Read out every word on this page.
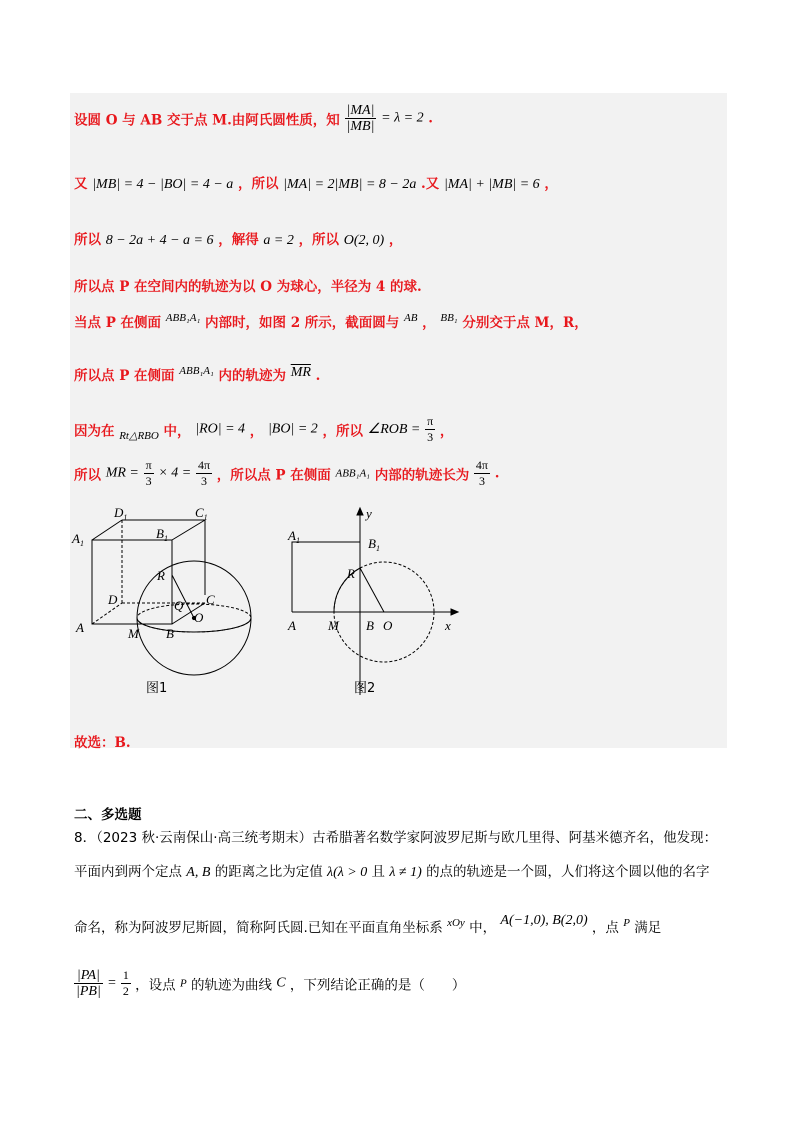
设圆 O 与 AB 交于点 M.由阿氏圆性质，知 $\frac{|MA|}{|MB|} = \lambda = 2$ .
又 |MB| = 4 − |BO| = 4 − a ，所以 |MA| = 2|MB| = 8 − 2a .又 |MA| + |MB| = 6 ，
所以 8 − 2a + 4 − a = 6 ，解得 a = 2 ，所以 O(2, 0) ，
所以点 P 在空间内的轨迹为以 O 为球心，半径为 4 的球.
当点 P 在侧面 $^{ABB_1A_1}$ 内部时，如图 2 所示，截面圆与 $^{AB}$ ， $^{BB_1}$ 分别交于点 M，R，
所以点 P 在侧面 $^{ABB_1A_1}$ 内的轨迹为 $\overline{MR}$ .
因为在 $_{Rt\triangle RBO}$ 中， |RO| = 4 ， |BO| = 2 ，所以 ∠ROB = $\frac{\pi}{3}$ ，
所以 MR = $\frac{\pi}{3} \times 4 = \frac{4\pi}{3}$ ，所以点 P 在侧面 ABB₁A₁ 内部的轨迹长为 $\frac{4\pi}{3}$ .
$D_1$	$C_1$
$A_1$
$B_1$
R
D	Q C
O
A	M B
图1
y
$A_1$	$B_1$
R
A M B O	x
图2
故选：B.
二、多选题
8．（2023 秋·云南保山·高三统考期末）古希腊著名数学家阿波罗尼斯与欧几里得、阿基米德齐名，他发现：
平面内到两个定点 A, B 的距离之比为定值 λ(λ > 0 且 λ ≠ 1) 的点的轨迹是一个圆，人们将这个圆以他的名字
命名，称为阿波罗尼斯圆，简称阿氏圆.已知在平面直角坐标系 $^{xOy}$ 中， A(−1,0), B(2,0) ，点 $^P$ 满足
$\frac{|PA|}{|PB|} = \frac{1}{2}$ ，设点 P 的轨迹为曲线 C ，下列结论正确的是（　　）
